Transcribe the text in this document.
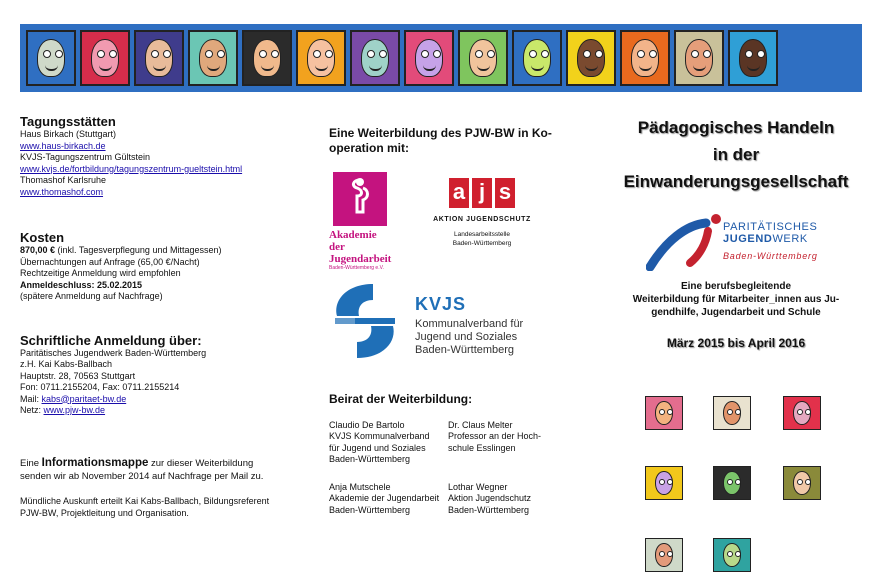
Tagungsstätten
Haus Birkach (Stuttgart)
www.haus-birkach.de
KVJS-Tagungszentrum Gültstein
www.kvjs.de/fortbildung/tagungszentrum-gueltstein.html
Thomashof Karlsruhe
www.thomashof.com
Kosten
870,00 € (inkl. Tagesverpflegung und Mittagessen)
Übernachtungen auf Anfrage (65,00 €/Nacht)
Rechtzeitige Anmeldung wird empfohlen
Anmeldeschluss: 25.02.2015
(spätere Anmeldung auf Nachfrage)
Schriftliche Anmeldung über:
Paritätisches Jugendwerk Baden-Württemberg
z.H. Kai Kabs-Ballbach
Hauptstr. 28, 70563 Stuttgart
Fon: 0711.2155204, Fax: 0711.2155214
Mail: kabs@paritaet-bw.de
Netz: www.pjw-bw.de
Eine Informationsmappe zur dieser Weiterbildung
senden wir ab November 2014 auf Nachfrage per Mail zu.
Mündliche Auskunft erteilt Kai Kabs-Ballbach, Bildungsreferent
PJW-BW, Projektleitung und Organisation.
Eine Weiterbildung des PJW-BW in Ko-
operation mit:
Akademie der
Jugendarbeit
Baden-Württemberg e.V.
a j s
AKTION JUGENDSCHUTZ
Landesarbeitsstelle
Baden-Württemberg
KVJS
Kommunalverband für
Jugend und Soziales
Baden-Württemberg
Beirat der Weiterbildung:
Claudio De Bartolo
KVJS Kommunalverband
für Jugend und Soziales
Baden-Württemberg
Dr. Claus Melter
Professor an der Hoch-
schule Esslingen
Anja Mutschele
Akademie der Jugendarbeit
Baden-Württemberg
Lothar Wegner
Aktion Jugendschutz
Baden-Württemberg
Pädagogisches Handeln
in der
Einwanderungsgesellschaft
PARITÄTISCHES
JUGENDWERK
Baden-Württemberg
Eine berufsbegleitende
Weiterbildung für Mitarbeiter_innen aus Ju-
gendhilfe, Jugendarbeit und Schule
März 2015 bis April 2016
